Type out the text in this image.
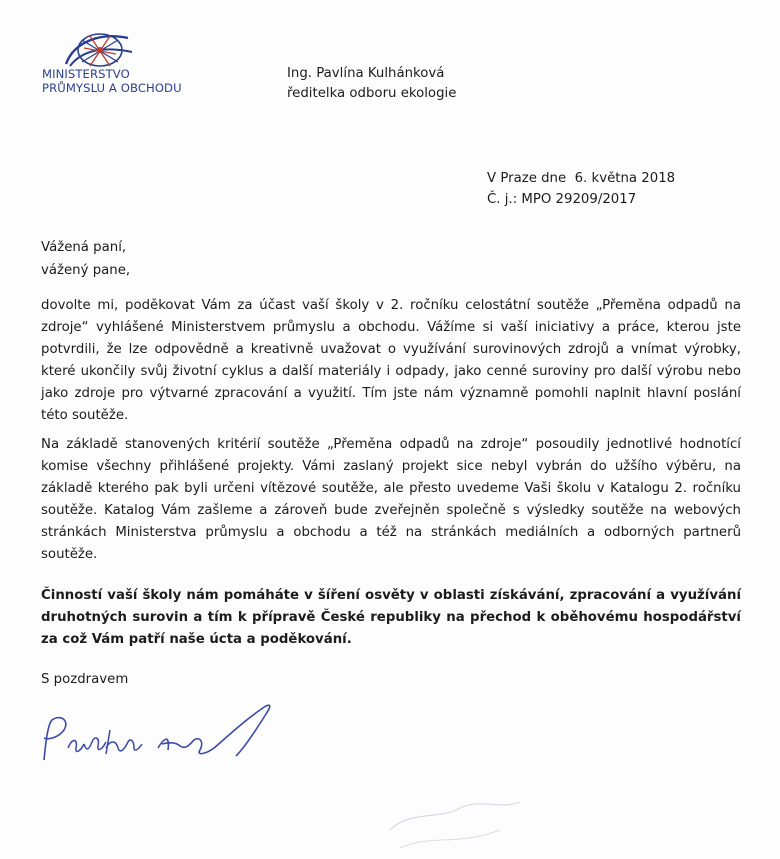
MINISTERSTVO
PRŮMYSLU A OBCHODU
Ing. Pavlína Kulhánková
ředitelka odboru ekologie
V Praze dne  6. května 2018
Č. j.: MPO 29209/2017
Vážená paní,
vážený pane,
dovolte mi, poděkovat Vám za účast vaší školy v 2. ročníku celostátní soutěže „Přeměna odpadů na zdroje“ vyhlášené Ministerstvem průmyslu a obchodu. Vážíme si vaší iniciativy a práce, kterou jste potvrdili, že lze odpovědně a kreativně uvažovat o využívání surovinových zdrojů a vnímat výrobky, které ukončily svůj životní cyklus a další materiály i odpady, jako cenné suroviny pro další výrobu nebo jako zdroje pro výtvarné zpracování a využití. Tím jste nám významně pomohli naplnit hlavní poslání této soutěže.
Na základě stanovených kritérií soutěže „Přeměna odpadů na zdroje“ posoudily jednotlivé hodnotící komise všechny přihlášené projekty. Vámi zaslaný projekt sice nebyl vybrán do užšího výběru, na základě kterého pak byli určeni vítězové soutěže, ale přesto uvedeme Vaši školu v Katalogu 2. ročníku soutěže. Katalog Vám zašleme a zároveň bude zveřejněn společně s výsledky soutěže na webových stránkách Ministerstva průmyslu a obchodu a též na stránkách mediálních a odborných partnerů soutěže.
Činností vaší školy nám pomáháte v šíření osvěty v oblasti získávání, zpracování a využívání druhotných surovin a tím k přípravě České republiky na přechod k oběhovému hospodářství za což Vám patří naše úcta a poděkování.
S pozdravem
